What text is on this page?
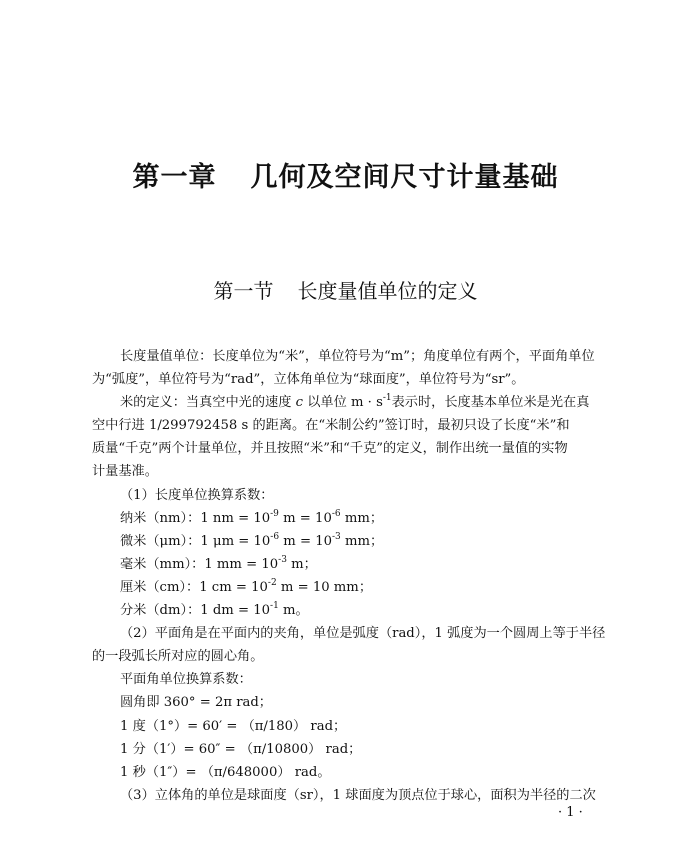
第一章 几何及空间尺寸计量基础
第一节 长度量值单位的定义
长度量值单位：长度单位为“米”，单位符号为“m”；角度单位有两个，平面角单位
为“弧度”，单位符号为“rad”，立体角单位为“球面度”，单位符号为“sr”。
米的定义：当真空中光的速度 c 以单位 m · s-1表示时，长度基本单位米是光在真
空中行进 1/299792458 s 的距离。在“米制公约”签订时，最初只设了长度“米”和
质量“千克”两个计量单位，并且按照“米”和“千克”的定义，制作出统一量值的实物
计量基准。
（1）长度单位换算系数：
纳米（nm）：1 nm = 10-9 m = 10-6 mm；
微米（μm）：1 μm = 10-6 m = 10-3 mm；
毫米（mm）：1 mm = 10-3 m；
厘米（cm）：1 cm = 10-2 m = 10 mm；
分米（dm）：1 dm = 10-1 m。
（2）平面角是在平面内的夹角，单位是弧度（rad），1 弧度为一个圆周上等于半径
的一段弧长所对应的圆心角。
平面角单位换算系数：
圆角即 360° = 2π rad；
1 度（1°）= 60′ = （π/180） rad；
1 分（1′）= 60″ = （π/10800） rad；
1 秒（1″）= （π/648000） rad。
（3）立体角的单位是球面度（sr），1 球面度为顶点位于球心，面积为半径的二次
· 1 ·
